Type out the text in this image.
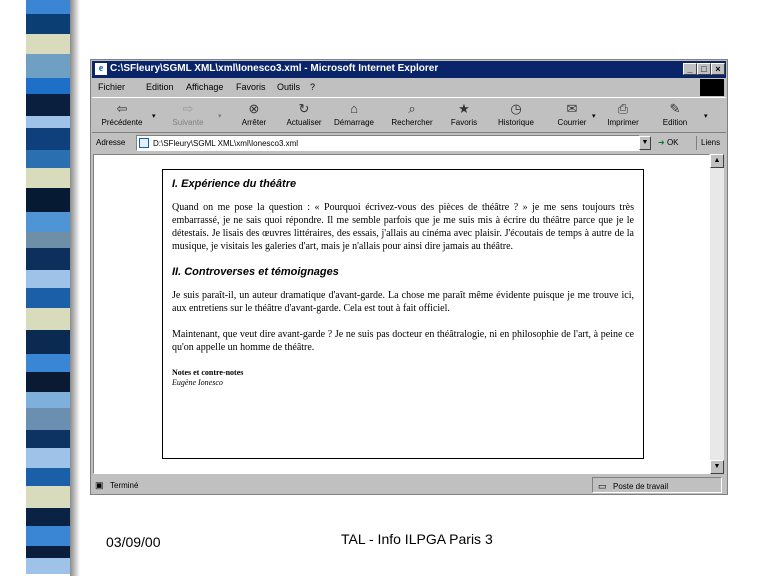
e C:\SFleury\SGML XML\xml\Ionesco3.xml - Microsoft Internet Explorer	_ □ ×
Fichier Edition Affichage Favoris Outils ?
⇦
Précédente
▾
⇨
Suivante
▾
⊗
Arrêter
↻
Actualiser
⌂
Démarrage
⌕
Rechercher
★
Favoris
◷
Historique
✉
Courrier
▾
⎙
Imprimer
✎
Edition
▾
Adresse	D:\SFleury\SGML XML\xml\Ionesco3.xml	▼	➜ OK	Liens
I. Expérience du théâtre

Quand on me pose la question : « Pourquoi écrivez-vous des pièces de théâtre ? » je me sens toujours très embarrassé, je ne sais quoi répondre. Il me semble parfois que je me suis mis à écrire du théâtre parce que je le détestais. Je lisais des œuvres littéraires, des essais, j'allais au cinéma avec plaisir. J'écoutais de temps à autre de la musique, je visitais les galeries d'art, mais je n'allais pour ainsi dire jamais au théâtre.

II. Controverses et témoignages

Je suis paraît-il, un auteur dramatique d'avant-garde. La chose me paraît même évidente puisque je me trouve ici, aux entretiens sur le théâtre d'avant-garde. Cela est tout à fait officiel.

Maintenant, que veut dire avant-garde ? Je ne suis pas docteur en théâtralogie, ni en philosophie de l'art, à peine ce qu'on appelle un homme de théâtre.

Notes et contre-notes
Eugène Ionesco
▲
▼
▣ Terminé	▭ Poste de travail
03/09/00	TAL - Info ILPGA Paris 3
